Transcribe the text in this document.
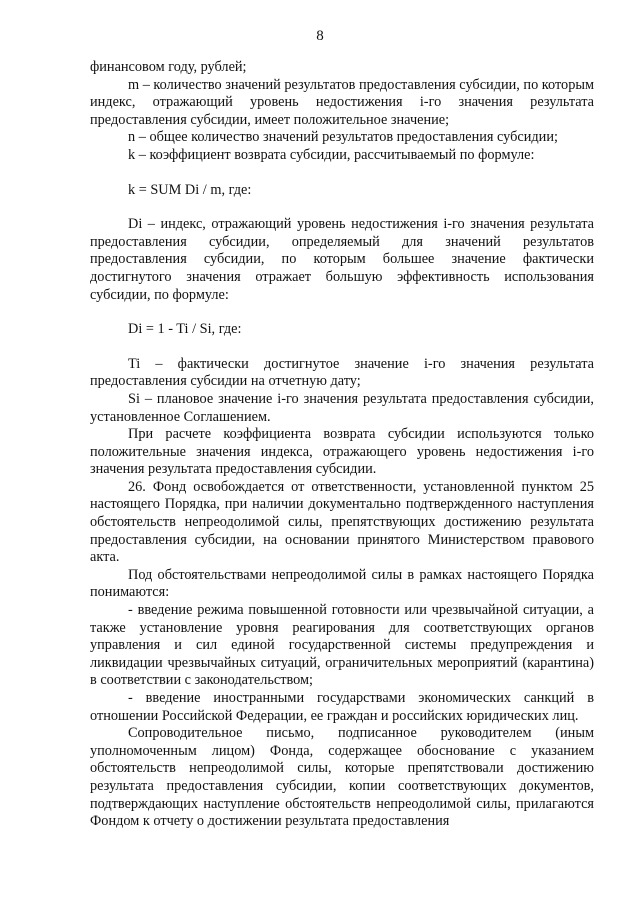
8

финансовом году, рублей;

m – количество значений результатов предоставления субсидии, по которым индекс, отражающий уровень недостижения i-го значения результата предоставления субсидии, имеет положительное значение;

n – общее количество значений результатов предоставления субсидии;

k – коэффициент возврата субсидии, рассчитываемый по формуле:

k = SUM Di / m, где:

Di – индекс, отражающий уровень недостижения i-го значения результата предоставления субсидии, определяемый для значений результатов предоставления субсидии, по которым большее значение фактически достигнутого значения отражает большую эффективность использования субсидии, по формуле:

Di = 1 - Ti / Si, где:

Ti – фактически достигнутое значение i-го значения результата предоставления субсидии на отчетную дату;

Si – плановое значение i-го значения результата предоставления субсидии, установленное Соглашением.

При расчете коэффициента возврата субсидии используются только положительные значения индекса, отражающего уровень недостижения i-го значения результата предоставления субсидии.

26. Фонд освобождается от ответственности, установленной пунктом 25 настоящего Порядка, при наличии документально подтвержденного наступления обстоятельств непреодолимой силы, препятствующих достижению результата предоставления субсидии, на основании принятого Министерством правового акта.

Под обстоятельствами непреодолимой силы в рамках настоящего Порядка понимаются:

- введение режима повышенной готовности или чрезвычайной ситуации, а также установление уровня реагирования для соответствующих органов управления и сил единой государственной системы предупреждения и ликвидации чрезвычайных ситуаций, ограничительных мероприятий (карантина) в соответствии с законодательством;

- введение иностранными государствами экономических санкций в отношении Российской Федерации, ее граждан и российских юридических лиц.

Сопроводительное письмо, подписанное руководителем (иным уполномоченным лицом) Фонда, содержащее обоснование с указанием обстоятельств непреодолимой силы, которые препятствовали достижению результата предоставления субсидии, копии соответствующих документов, подтверждающих наступление обстоятельств непреодолимой силы, прилагаются Фондом к отчету о достижении результата предоставления
